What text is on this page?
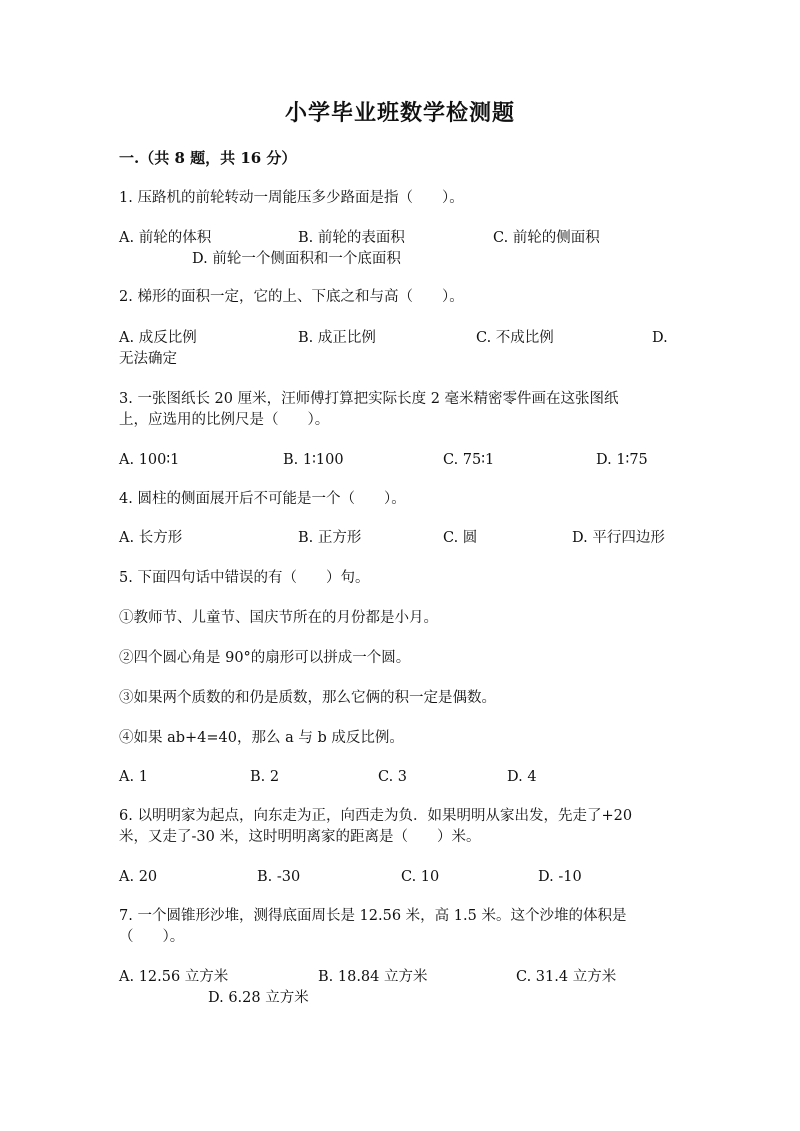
小学毕业班数学检测题
一.（共 8 题，共 16 分）
1. 压路机的前轮转动一周能压多少路面是指（　　）。
A. 前轮的体积	B. 前轮的表面积	C. 前轮的侧面积
D. 前轮一个侧面积和一个底面积
2. 梯形的面积一定，它的上、下底之和与高（　　）。
A. 成反比例	B. 成正比例	C. 不成比例	D.
无法确定
3. 一张图纸长 20 厘米，汪师傅打算把实际长度 2 毫米精密零件画在这张图纸
上，应选用的比例尺是（　　）。
A. 100∶1	B. 1∶100	C. 75∶1	D. 1∶75
4. 圆柱的侧面展开后不可能是一个（　　）。
A. 长方形	B. 正方形	C. 圆	D. 平行四边形
5. 下面四句话中错误的有（　　）句。
①教师节、儿童节、国庆节所在的月份都是小月。
②四个圆心角是 90°的扇形可以拼成一个圆。
③如果两个质数的和仍是质数，那么它俩的积一定是偶数。
④如果 ab+4=40，那么 a 与 b 成反比例。
A. 1	B. 2	C. 3	D. 4
6. 以明明家为起点，向东走为正，向西走为负．如果明明从家出发，先走了+20
米，又走了-30 米，这时明明离家的距离是（　　）米。
A. 20	B. -30	C. 10	D. -10
7. 一个圆锥形沙堆，测得底面周长是 12.56 米，高 1.5 米。这个沙堆的体积是
（　　）。
A. 12.56 立方米	B. 18.84 立方米	C. 31.4 立方米
D. 6.28 立方米
